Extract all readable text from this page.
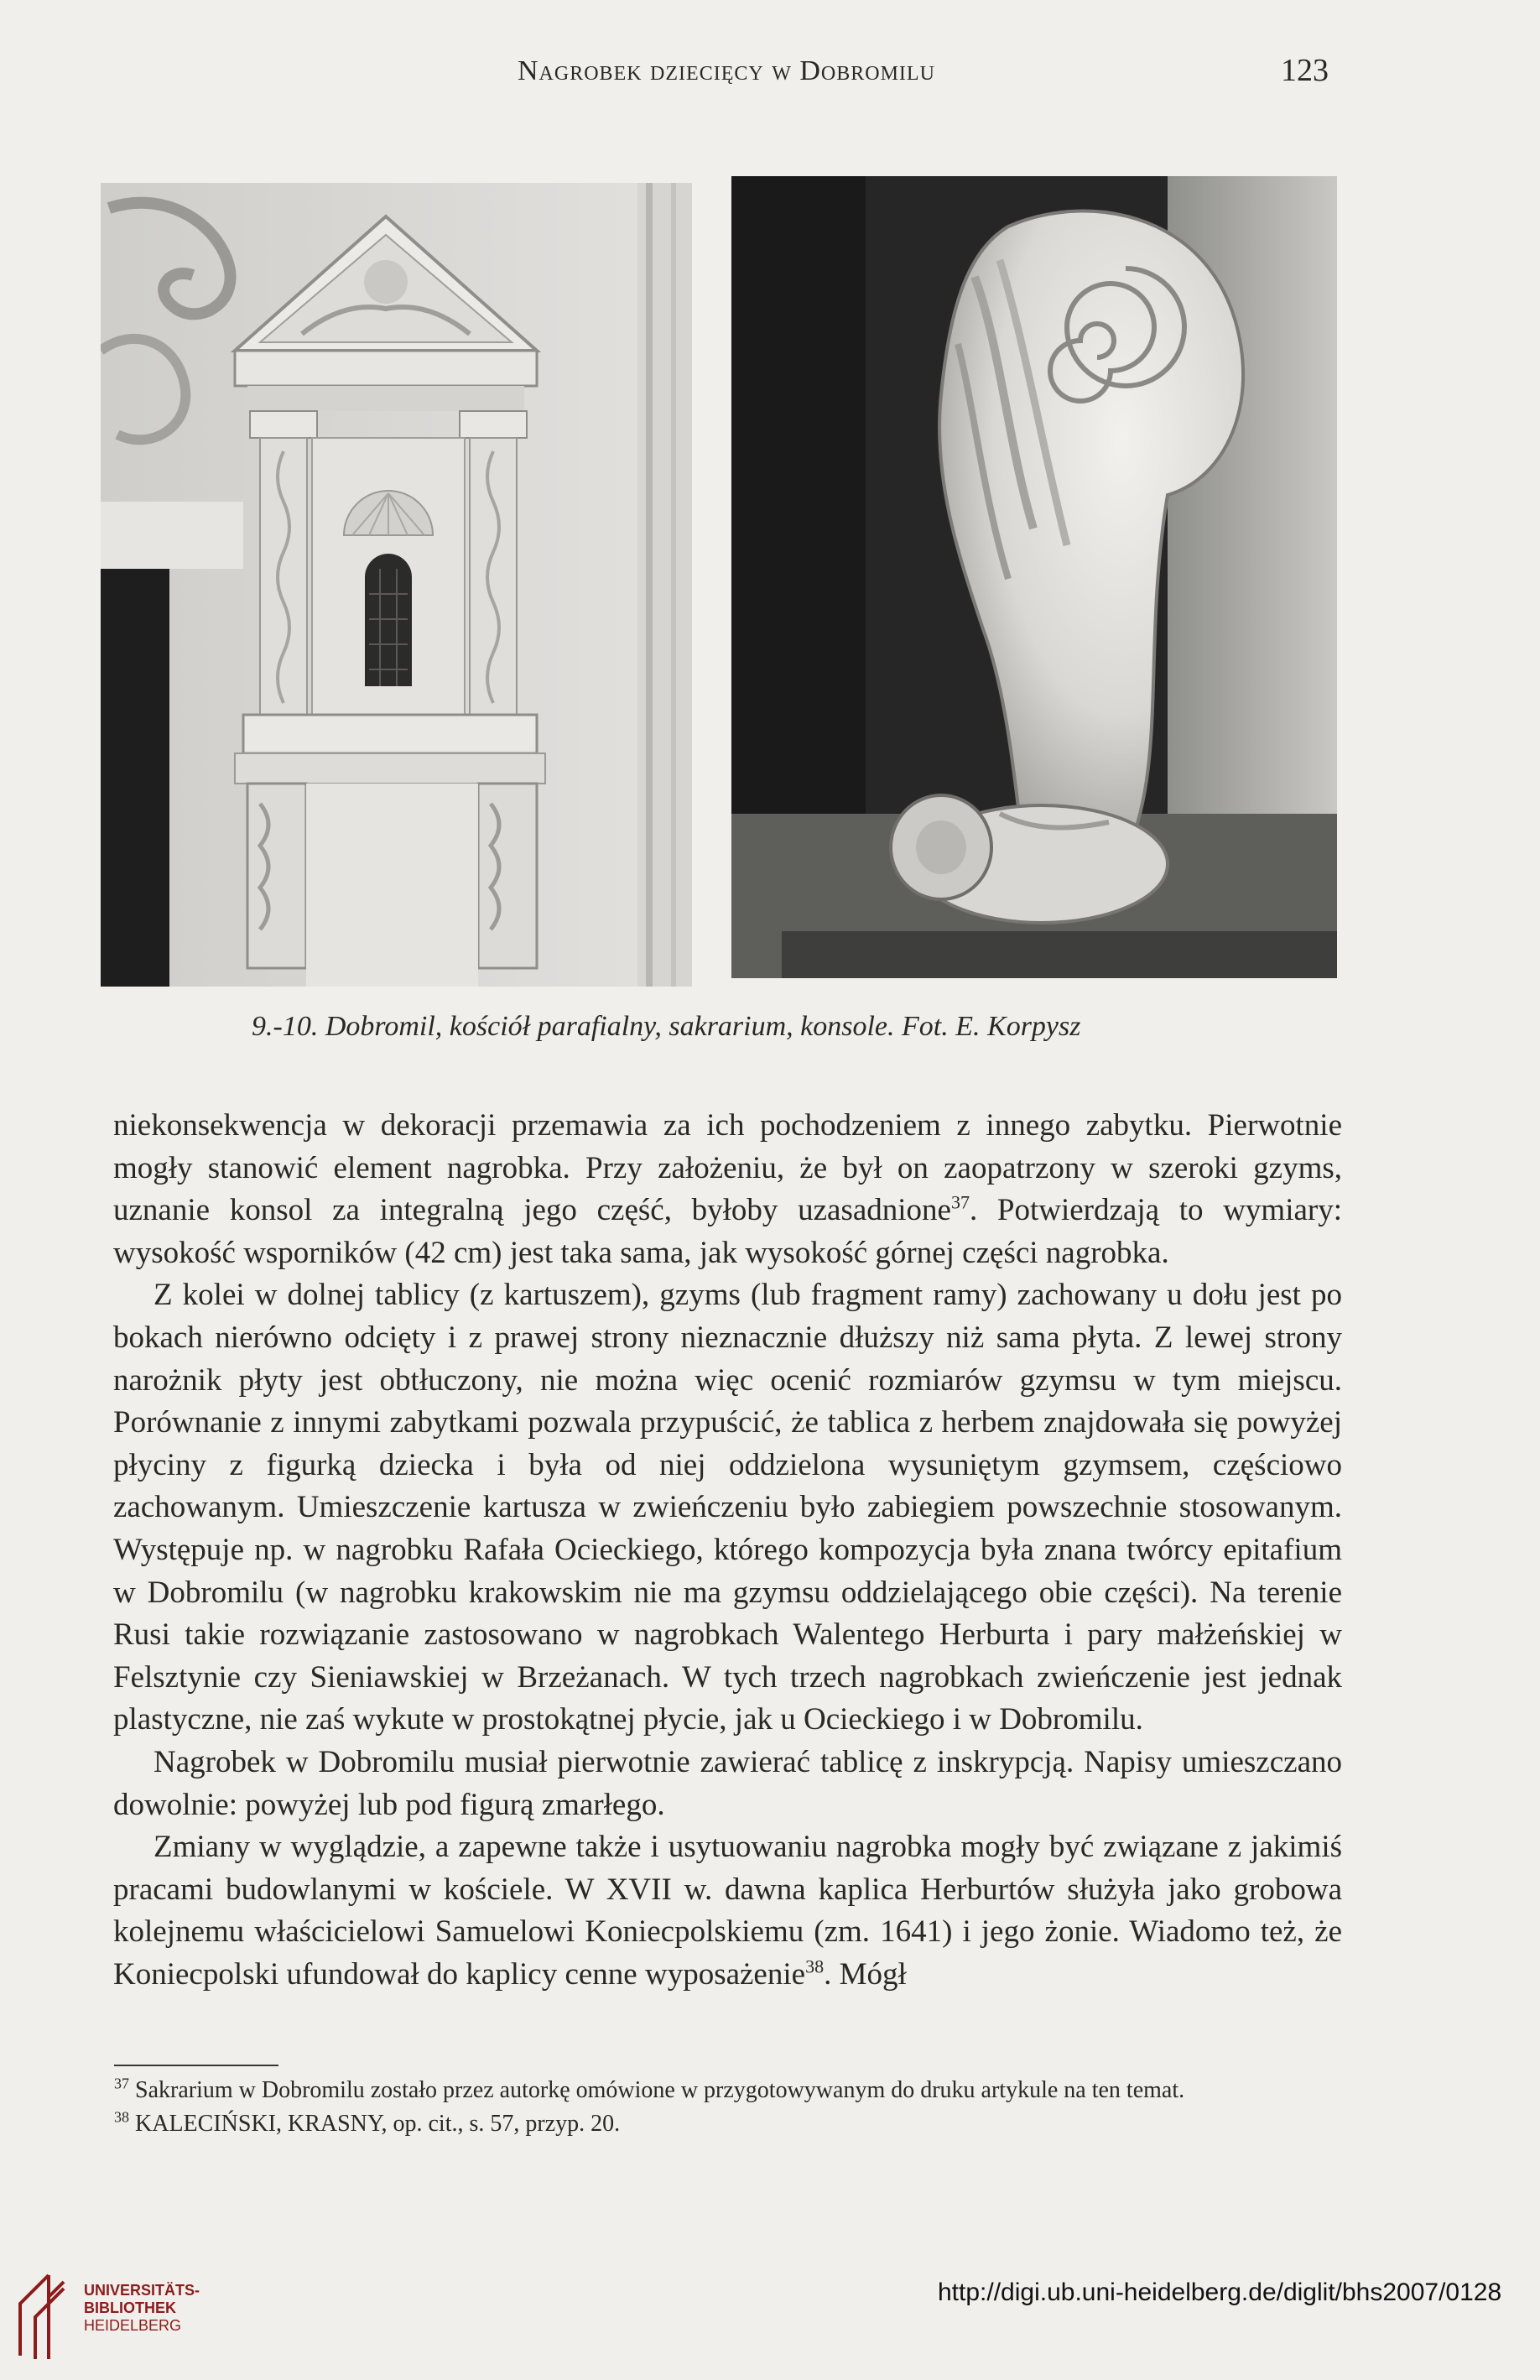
Nagrobek dziecięcy w Dobromilu	123
9.-10. Dobromil, kościół parafialny, sakrarium, konsole. Fot. E. Korpysz

niekonsekwencja w dekoracji przemawia za ich pochodzeniem z innego zabytku. Pierwotnie mogły stanowić element nagrobka. Przy założeniu, że był on zaopatrzony w szeroki gzyms, uznanie konsol za integralną jego część, byłoby uzasadnione$^{37}$. Potwierdzają to wymiary: wysokość wsporników (42 cm) jest taka sama, jak wysokość górnej części nagrobka.

Z kolei w dolnej tablicy (z kartuszem), gzyms (lub fragment ramy) zachowany u dołu jest po bokach nierówno odcięty i z prawej strony nieznacznie dłuższy niż sama płyta. Z lewej strony narożnik płyty jest obtłuczony, nie można więc ocenić rozmiarów gzymsu w tym miejscu. Porównanie z innymi zabytkami pozwala przypuścić, że tablica z herbem znajdowała się powyżej płyciny z figurką dziecka i była od niej oddzielona wysuniętym gzymsem, częściowo zachowanym. Umieszczenie kartusza w zwieńczeniu było zabiegiem powszechnie stosowanym. Występuje np. w nagrobku Rafała Ocieckiego, którego kompozycja była znana twórcy epitafium w Dobromilu (w nagrobku krakowskim nie ma gzymsu oddzielającego obie części). Na terenie Rusi takie rozwiązanie zastosowano w nagrobkach Walentego Herburta i pary małżeńskiej w Felsztynie czy Sieniawskiej w Brzeżanach. W tych trzech nagrobkach zwieńczenie jest jednak plastyczne, nie zaś wykute w prostokątnej płycie, jak u Ocieckiego i w Dobromilu.

Nagrobek w Dobromilu musiał pierwotnie zawierać tablicę z inskrypcją. Napisy umieszczano dowolnie: powyżej lub pod figurą zmarłego.

Zmiany w wyglądzie, a zapewne także i usytuowaniu nagrobka mogły być związane z jakimiś pracami budowlanymi w kościele. W XVII w. dawna kaplica Herburtów służyła jako grobowa kolejnemu właścicielowi Samuelowi Koniecpolskiemu (zm. 1641) i jego żonie. Wiadomo też, że Koniecpolski ufundował do kaplicy cenne wyposażenie$^{38}$. Mógł

$^{37}$ Sakrarium w Dobromilu zostało przez autorkę omówione w przygotowywanym do druku artykule na ten temat.

$^{38}$ KALECIŃSKI, KRASNY, op. cit., s. 57, przyp. 20.

UNIVERSITÄTS-
BIBLIOTHEK
HEIDELBERG
http://digi.ub.uni-heidelberg.de/diglit/bhs2007/0128
